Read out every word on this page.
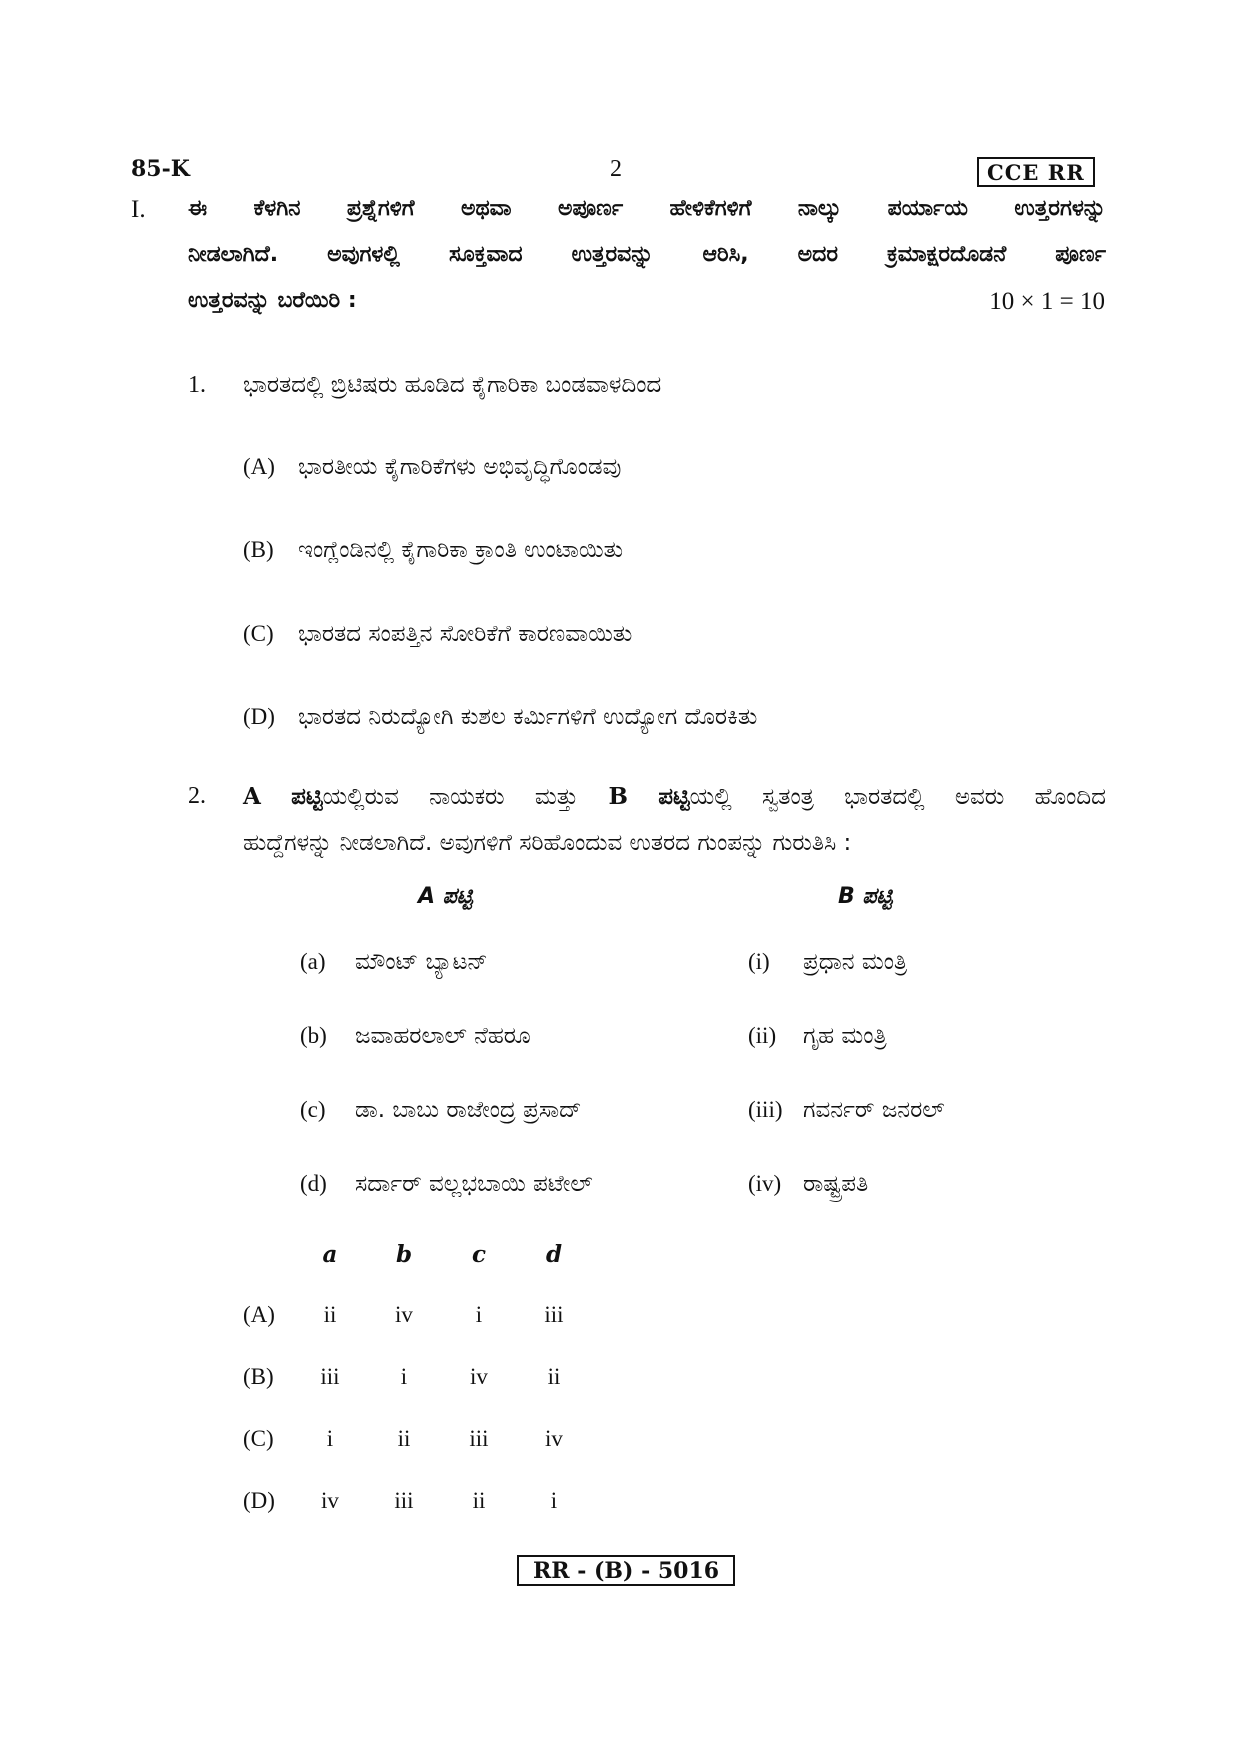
85-K	2	CCE RR
I. ಈ ಕೆಳಗಿನ ಪ್ರಶ್ನೆಗಳಿಗೆ ಅಥವಾ ಅಪೂರ್ಣ ಹೇಳಿಕೆಗಳಿಗೆ ನಾಲ್ಕು ಪರ್ಯಾಯ ಉತ್ತರಗಳನ್ನು
ನೀಡಲಾಗಿದೆ. ಅವುಗಳಲ್ಲಿ ಸೂಕ್ತವಾದ ಉತ್ತರವನ್ನು ಆರಿಸಿ, ಅದರ ಕ್ರಮಾಕ್ಷರದೊಡನೆ ಪೂರ್ಣ
ಉತ್ತರವನ್ನು ಬರೆಯಿರಿ :	10 × 1 = 10
1. ಭಾರತದಲ್ಲಿ ಬ್ರಿಟಿಷರು ಹೂಡಿದ ಕೈಗಾರಿಕಾ ಬಂಡವಾಳದಿಂದ
(A) ಭಾರತೀಯ ಕೈಗಾರಿಕೆಗಳು ಅಭಿವೃದ್ಧಿಗೊಂಡವು
(B) ಇಂಗ್ಲೆಂಡಿನಲ್ಲಿ ಕೈಗಾರಿಕಾ ಕ್ರಾಂತಿ ಉಂಟಾಯಿತು
(C) ಭಾರತದ ಸಂಪತ್ತಿನ ಸೋರಿಕೆಗೆ ಕಾರಣವಾಯಿತು
(D) ಭಾರತದ ನಿರುದ್ಯೋಗಿ ಕುಶಲ ಕರ್ಮಿಗಳಿಗೆ ಉದ್ಯೋಗ ದೊರಕಿತು
2. A ಪಟ್ಟಿಯಲ್ಲಿರುವ ನಾಯಕರು ಮತ್ತು B ಪಟ್ಟಿಯಲ್ಲಿ ಸ್ವತಂತ್ರ ಭಾರತದಲ್ಲಿ ಅವರು ಹೊಂದಿದ
ಹುದ್ದೆಗಳನ್ನು ನೀಡಲಾಗಿದೆ. ಅವುಗಳಿಗೆ ಸರಿಹೊಂದುವ ಉತರದ ಗುಂಪನ್ನು ಗುರುತಿಸಿ :
A ಪಟ್ಟಿ	B ಪಟ್ಟಿ
(a) ಮೌಂಟ್ ಬ್ಯಾಟನ್	(i) ಪ್ರಧಾನ ಮಂತ್ರಿ
(b) ಜವಾಹರಲಾಲ್ ನೆಹರೂ	(ii) ಗೃಹ ಮಂತ್ರಿ
(c) ಡಾ. ಬಾಬು ರಾಜೇಂದ್ರ ಪ್ರಸಾದ್	(iii) ಗವರ್ನರ್ ಜನರಲ್
(d) ಸರ್ದಾರ್ ವಲ್ಲಭಬಾಯಿ ಪಟೇಲ್	(iv) ರಾಷ್ಟ್ರಪತಿ
a	b	c	d
(A)	ii	iv	i	iii
(B)	iii	i	iv	ii
(C)	i	ii	iii	iv
(D)	iv	iii	ii	i
RR - (B) - 5016
